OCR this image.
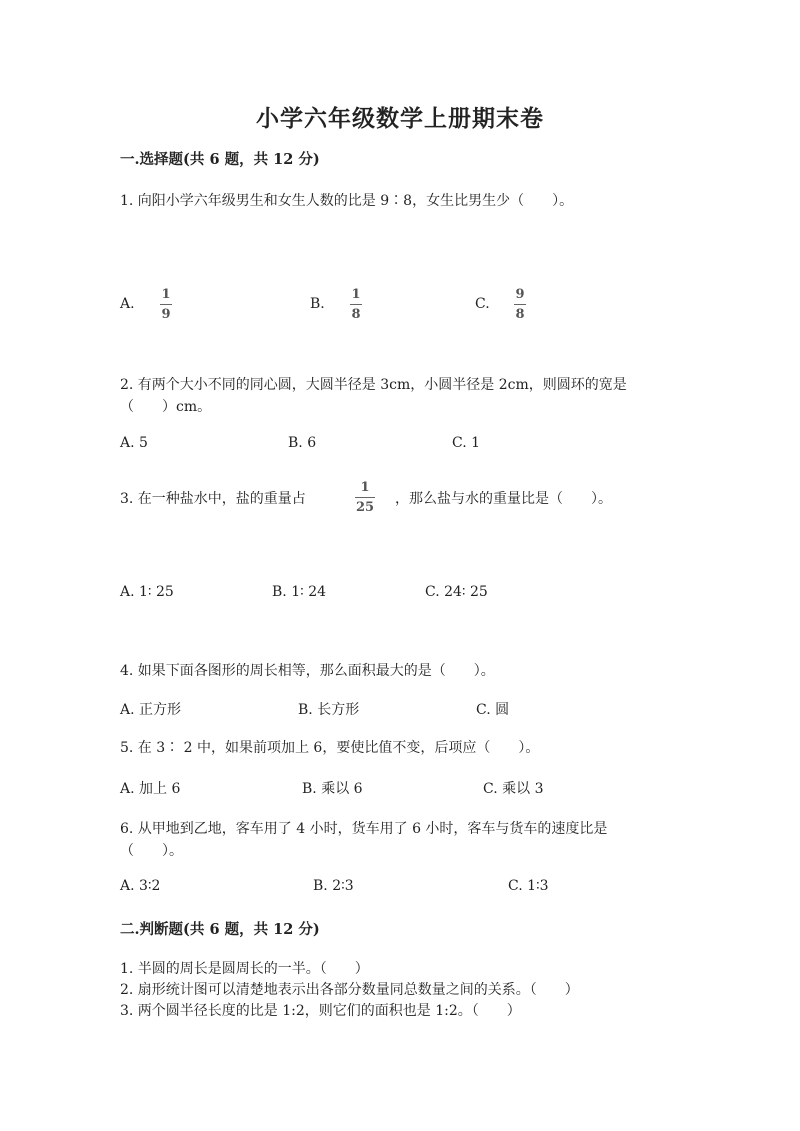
小学六年级数学上册期末卷
一.选择题(共 6 题，共 12 分)
1. 向阳小学六年级男生和女生人数的比是 9∶8，女生比男生少（　　）。
A.
1
9
B.
1
8
C.
9
8
2. 有两个大小不同的同心圆，大圆半径是 3cm，小圆半径是 2cm，则圆环的宽是
（　　）cm。
A. 5	B. 6	C. 1
3. 在一种盐水中，盐的重量占
1
25
，那么盐与水的重量比是（　　）。
A. 1∶ 25	B. 1∶ 24	C. 24∶ 25
4. 如果下面各图形的周长相等，那么面积最大的是（　　）。
A. 正方形	B. 长方形	C. 圆
5. 在 3∶ 2 中，如果前项加上 6，要使比值不变，后项应（　　）。
A. 加上 6	B. 乘以 6	C. 乘以 3
6. 从甲地到乙地，客车用了 4 小时，货车用了 6 小时，客车与货车的速度比是
（　　）。
A. 3∶2	B. 2∶3	C. 1∶3
二.判断题(共 6 题，共 12 分)
1. 半圆的周长是圆周长的一半。（　　）
2. 扇形统计图可以清楚地表示出各部分数量同总数量之间的关系。（　　）
3. 两个圆半径长度的比是 1:2，则它们的面积也是 1:2。（　　）
